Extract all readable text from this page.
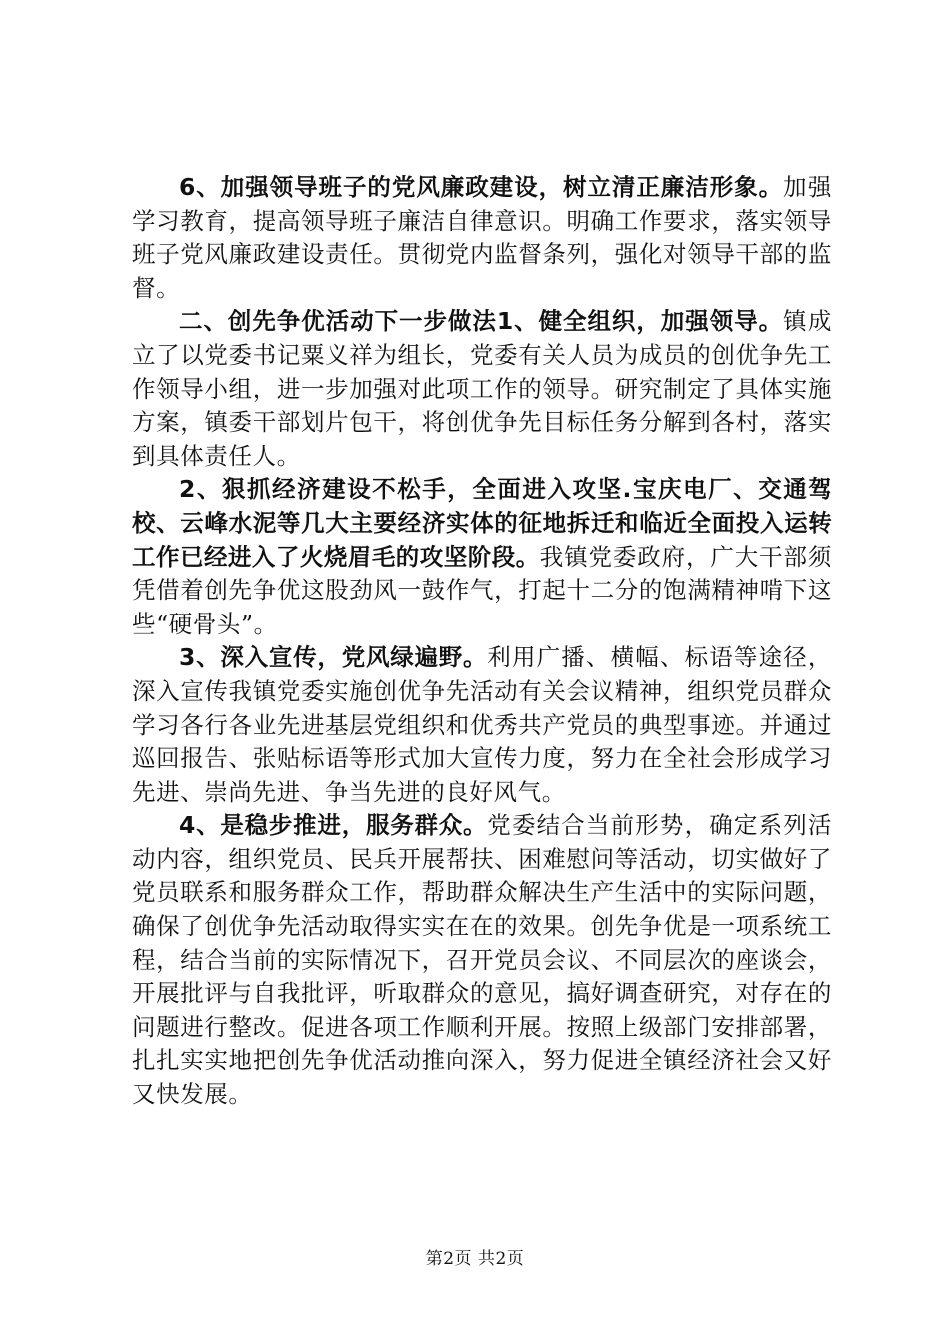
6、加强领导班子的党风廉政建设，树立清正廉洁形象。加强学习教育，提高领导班子廉洁自律意识。明确工作要求，落实领导班子党风廉政建设责任。贯彻党内监督条列，强化对领导干部的监督。

二、创先争优活动下一步做法1、健全组织，加强领导。镇成立了以党委书记粟义祥为组长，党委有关人员为成员的创优争先工作领导小组，进一步加强对此项工作的领导。研究制定了具体实施方案，镇委干部划片包干，将创优争先目标任务分解到各村，落实到具体责任人。

2、狠抓经济建设不松手，全面进入攻坚.宝庆电厂、交通驾校、云峰水泥等几大主要经济实体的征地拆迁和临近全面投入运转工作已经进入了火烧眉毛的攻坚阶段。我镇党委政府，广大干部须凭借着创先争优这股劲风一鼓作气，打起十二分的饱满精神啃下这些“硬骨头”。

3、深入宣传，党风绿遍野。利用广播、横幅、标语等途径，深入宣传我镇党委实施创优争先活动有关会议精神，组织党员群众学习各行各业先进基层党组织和优秀共产党员的典型事迹。并通过巡回报告、张贴标语等形式加大宣传力度，努力在全社会形成学习先进、崇尚先进、争当先进的良好风气。

4、是稳步推进，服务群众。党委结合当前形势，确定系列活动内容，组织党员、民兵开展帮扶、困难慰问等活动，切实做好了党员联系和服务群众工作，帮助群众解决生产生活中的实际问题，确保了创优争先活动取得实实在在的效果。创先争优是一项系统工程，结合当前的实际情况下，召开党员会议、不同层次的座谈会，开展批评与自我批评，听取群众的意见，搞好调查研究，对存在的问题进行整改。促进各项工作顺利开展。按照上级部门安排部署，扎扎实实地把创先争优活动推向深入，努力促进全镇经济社会又好又快发展。

第2页 共2页
